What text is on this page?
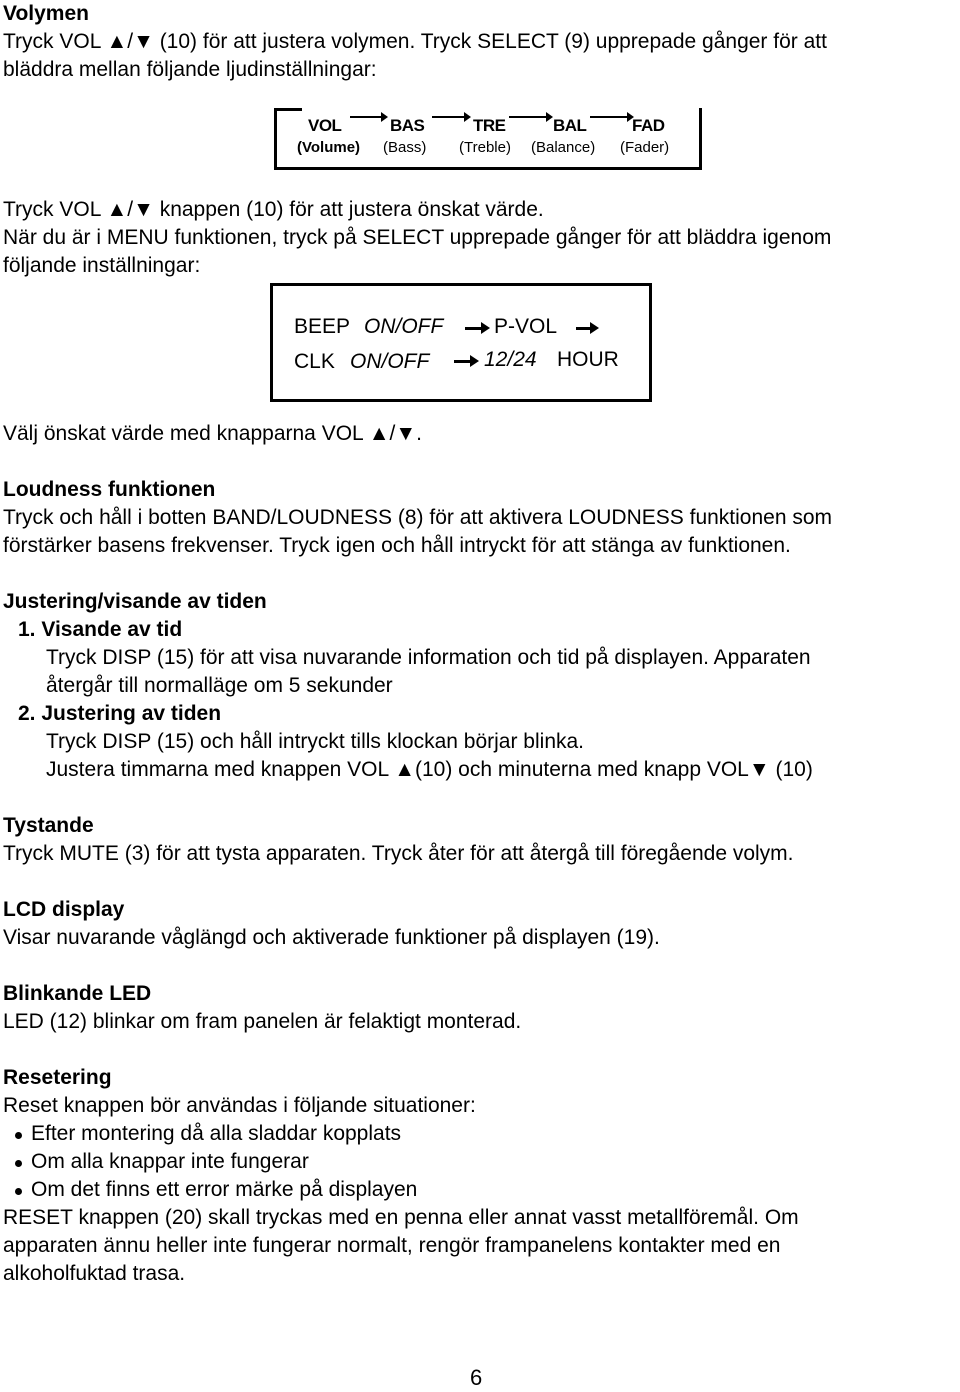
Volymen

Tryck VOL ▲/▼ (10) för att justera volymen. Tryck SELECT (9) upprepade gånger för att

bläddra mellan följande ljudinställningar:

Tryck VOL ▲/▼ knappen (10) för att justera önskat värde.

När du är i MENU funktionen, tryck på SELECT upprepade gånger för att bläddra igenom

följande inställningar:

Välj önskat värde med knapparna VOL ▲/▼.

Loudness funktionen

Tryck och håll i botten BAND/LOUDNESS (8) för att aktivera LOUDNESS funktionen som

förstärker basens frekvenser. Tryck igen och håll intryckt för att stänga av funktionen.

Justering/visande av tiden

1. Visande av tid

Tryck DISP (15) för att visa nuvarande information och tid på displayen. Apparaten

återgår till normalläge om 5 sekunder

2. Justering av tiden

Tryck DISP (15) och håll intryckt tills klockan börjar blinka.

Justera timmarna med knappen VOL ▲(10) och minuterna med knapp VOL▼ (10)

Tystande

Tryck MUTE (3) för att tysta apparaten. Tryck åter för att återgå till föregående volym.

LCD display

Visar nuvarande våglängd och aktiverade funktioner på displayen (19).

Blinkande LED

LED (12) blinkar om fram panelen är felaktigt monterad.

Resetering

Reset knappen bör användas i följande situationer:

Efter montering då alla sladdar kopplats
Om alla knappar inte fungerar
Om det finns ett error märke på displayen

RESET knappen (20) skall tryckas med en penna eller annat vasst metallföremål. Om

apparaten ännu heller inte fungerar normalt, rengör frampanelens kontakter med en

alkoholfuktad trasa.

VOL	BAS	TRE	BAL	FAD
(Volume) (Bass) (Treble) (Balance) (Fader)
BEEP ON/OFF P-VOL
CLK ON/OFF	12/24 HOUR
6
